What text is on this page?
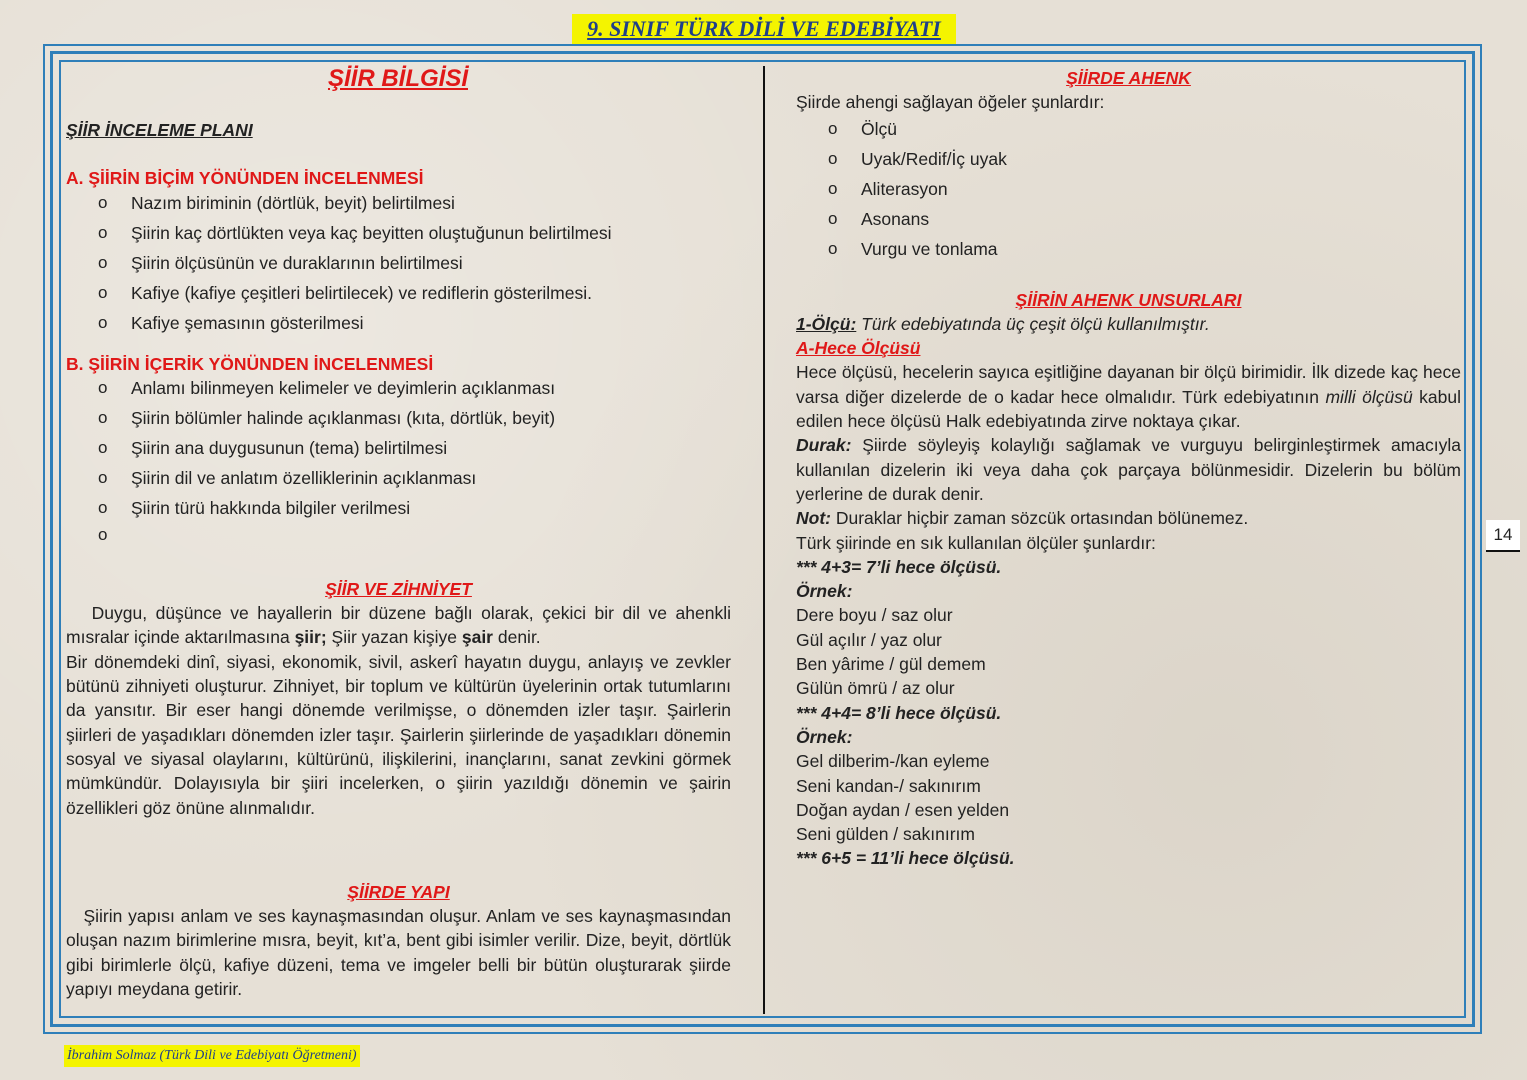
9. SINIF TÜRK DİLİ VE EDEBİYATI
ŞİİR BİLGİSİ

ŞİİR İNCELEME PLANI

A. ŞİİRİN BİÇİM YÖNÜNDEN İNCELENMESİ

o Nazım biriminin (dörtlük, beyit) belirtilmesi
o Şiirin kaç dörtlükten veya kaç beyitten oluştuğunun belirtilmesi
o Şiirin ölçüsünün ve duraklarının belirtilmesi
o Kafiye (kafiye çeşitleri belirtilecek) ve rediflerin gösterilmesi.
o Kafiye şemasının gösterilmesi

B. ŞİİRİN İÇERİK YÖNÜNDEN İNCELENMESİ

o Anlamı bilinmeyen kelimeler ve deyimlerin açıklanması
o Şiirin bölümler halinde açıklanması (kıta, dörtlük, beyit)
o Şiirin ana duygusunun (tema) belirtilmesi
o Şiirin dil ve anlatım özelliklerinin açıklanması
o Şiirin türü hakkında bilgiler verilmesi
o

ŞİİR VE ZİHNİYET

Duygu, düşünce ve hayallerin bir düzene bağlı olarak, çekici bir dil ve ahenkli mısralar içinde aktarılmasına şiir; Şiir yazan kişiye şair denir.

Bir dönemdeki dinî, siyasi, ekonomik, sivil, askerî hayatın duygu, anlayış ve zevkler bütünü zihniyeti oluşturur. Zihniyet, bir toplum ve kültürün üyelerinin ortak tutumlarını da yansıtır. Bir eser hangi dönemde verilmişse, o dönemden izler taşır. Şairlerin şiirleri de yaşadıkları dönemden izler taşır. Şairlerin şiirlerinde de yaşadıkları dönemin sosyal ve siyasal olaylarını, kültürünü, ilişkilerini, inançlarını, sanat zevkini görmek mümkündür. Dolayısıyla bir şiiri incelerken, o şiirin yazıldığı dönemin ve şairin özellikleri göz önüne alınmalıdır.

ŞİİRDE YAPI

Şiirin yapısı anlam ve ses kaynaşmasından oluşur. Anlam ve ses kaynaşmasından oluşan nazım birimlerine mısra, beyit, kıt’a, bent gibi isimler verilir. Dize, beyit, dörtlük gibi birimlerle ölçü, kafiye düzeni, tema ve imgeler belli bir bütün oluşturarak şiirde yapıyı meydana getirir.

ŞİİRDE AHENK

Şiirde ahengi sağlayan öğeler şunlardır:

o Ölçü
o Uyak/Redif/İç uyak
o Aliterasyon
o Asonans
o Vurgu ve tonlama

ŞİİRİN AHENK UNSURLARI

1-Ölçü: Türk edebiyatında üç çeşit ölçü kullanılmıştır.

A-Hece Ölçüsü

Hece ölçüsü, hecelerin sayıca eşitliğine dayanan bir ölçü birimidir. İlk dizede kaç hece varsa diğer dizelerde de o kadar hece olmalıdır. Türk edebiyatının milli ölçüsü kabul edilen hece ölçüsü Halk edebiyatında zirve noktaya çıkar.

Durak: Şiirde söyleyiş kolaylığı sağlamak ve vurguyu belirginleştirmek amacıyla kullanılan dizelerin iki veya daha çok parçaya bölünmesidir. Dizelerin bu bölüm yerlerine de durak denir.

Not: Duraklar hiçbir zaman sözcük ortasından bölünemez.

Türk şiirinde en sık kullanılan ölçüler şunlardır:

*** 4+3= 7’li hece ölçüsü.

Örnek:

Dere boyu / saz olur

Gül açılır / yaz olur

Ben yârime / gül demem

Gülün ömrü / az olur

*** 4+4= 8’li hece ölçüsü.

Örnek:

Gel dilberim-/kan eyleme

Seni kandan-/ sakınırım

Doğan aydan / esen yelden

Seni gülden / sakınırım

*** 6+5 = 11’li hece ölçüsü.

14
İbrahim Solmaz (Türk Dili ve Edebiyatı Öğretmeni)
